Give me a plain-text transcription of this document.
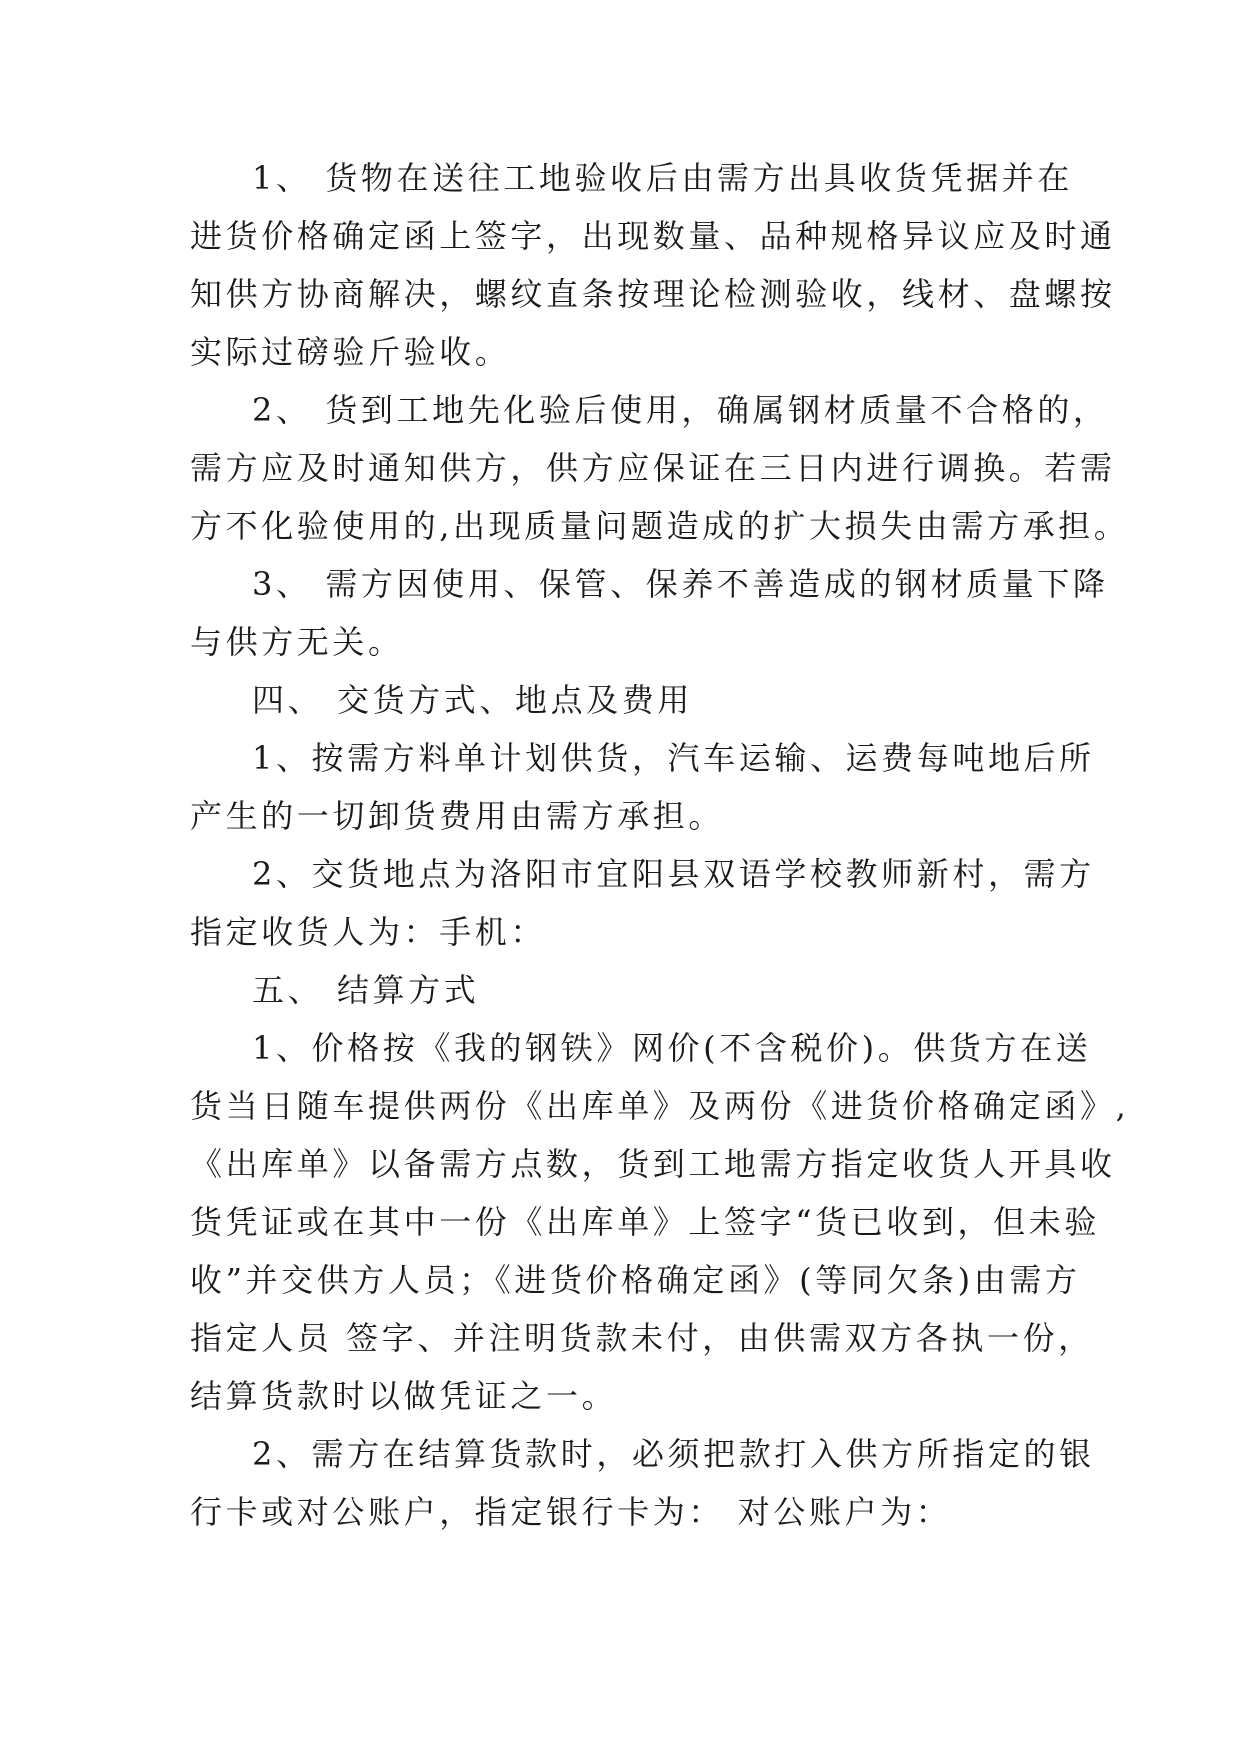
1、 货物在送往工地验收后由需方出具收货凭据并在
进货价格确定函上签字，出现数量、品种规格异议应及时通
知供方协商解决，螺纹直条按理论检测验收，线材、盘螺按
实际过磅验斤验收。
2、 货到工地先化验后使用，确属钢材质量不合格的，
需方应及时通知供方，供方应保证在三日内进行调换。若需
方不化验使用的,出现质量问题造成的扩大损失由需方承担。
3、 需方因使用、保管、保养不善造成的钢材质量下降
与供方无关。
四、 交货方式、地点及费用
1、按需方料单计划供货，汽车运输、运费每吨地后所
产生的一切卸货费用由需方承担。
2、交货地点为洛阳市宜阳县双语学校教师新村，需方
指定收货人为：手机：
五、 结算方式
1、价格按《我的钢铁》网价(不含税价)。供货方在送
货当日随车提供两份《出库单》及两份《进货价格确定函》,
《出库单》以备需方点数，货到工地需方指定收货人开具收
货凭证或在其中一份《出库单》上签字“货已收到，但未验
收”并交供方人员；《进货价格确定函》(等同欠条)由需方
指定人员 签字、并注明货款未付，由供需双方各执一份，
结算货款时以做凭证之一。
2、需方在结算货款时，必须把款打入供方所指定的银
行卡或对公账户，指定银行卡为： 对公账户为：
